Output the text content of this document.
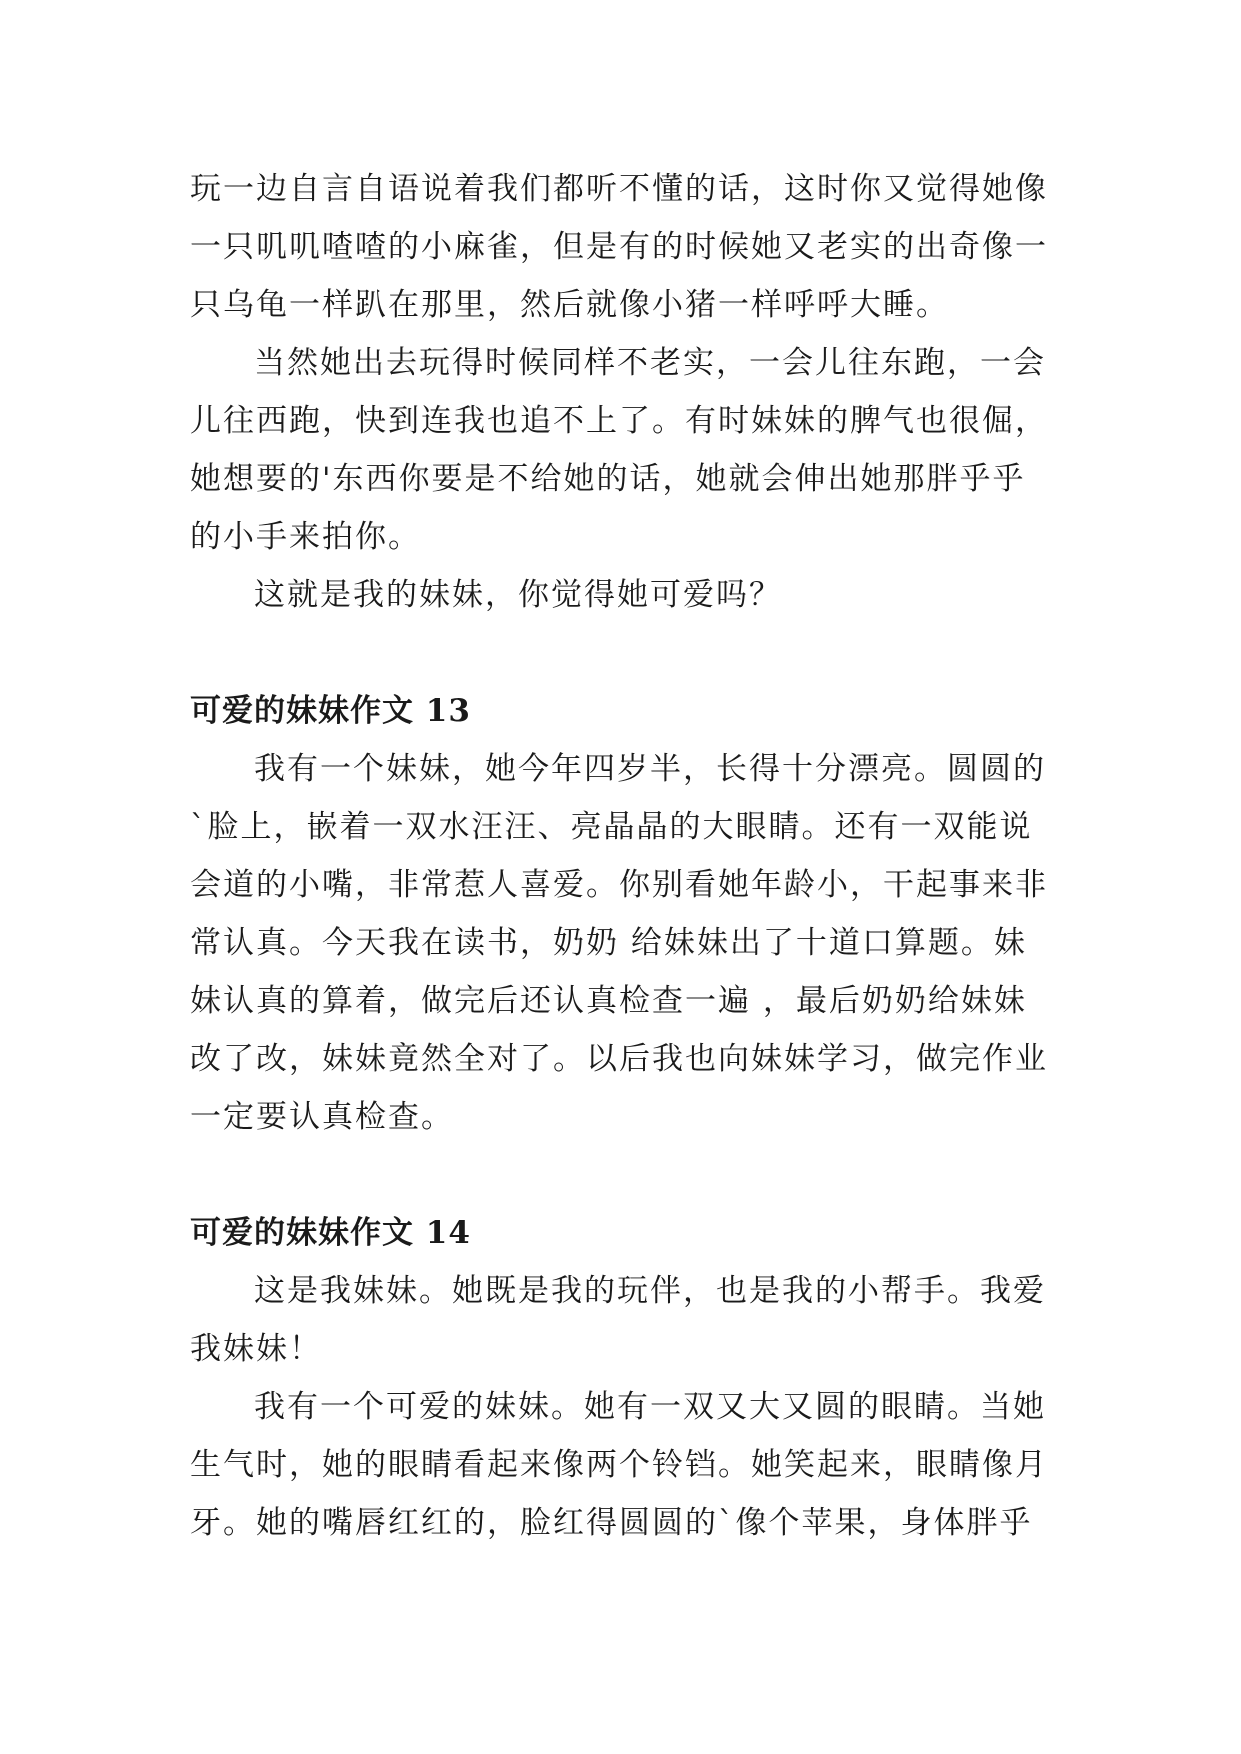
玩一边自言自语说着我们都听不懂的话，这时你又觉得她像
一只叽叽喳喳的小麻雀，但是有的时候她又老实的出奇像一
只乌龟一样趴在那里，然后就像小猪一样呼呼大睡。

当然她出去玩得时候同样不老实，一会儿往东跑，一会
儿往西跑，快到连我也追不上了。有时妹妹的脾气也很倔，
她想要的'东西你要是不给她的话，她就会伸出她那胖乎乎
的小手来拍你。

这就是我的妹妹，你觉得她可爱吗？

可爱的妹妹作文 13

我有一个妹妹，她今年四岁半，长得十分漂亮。圆圆的
`脸上，嵌着一双水汪汪、亮晶晶的大眼睛。还有一双能说
会道的小嘴，非常惹人喜爱。你别看她年龄小，干起事来非
常认真。今天我在读书，奶奶 给妹妹出了十道口算题。妹
妹认真的算着，做完后还认真检查一遍 ，最后奶奶给妹妹
改了改，妹妹竟然全对了。以后我也向妹妹学习，做完作业
一定要认真检查。

可爱的妹妹作文 14

这是我妹妹。她既是我的玩伴，也是我的小帮手。我爱
我妹妹！

我有一个可爱的妹妹。她有一双又大又圆的眼睛。当她
生气时，她的眼睛看起来像两个铃铛。她笑起来，眼睛像月
牙。她的嘴唇红红的，脸红得圆圆的`像个苹果，身体胖乎
